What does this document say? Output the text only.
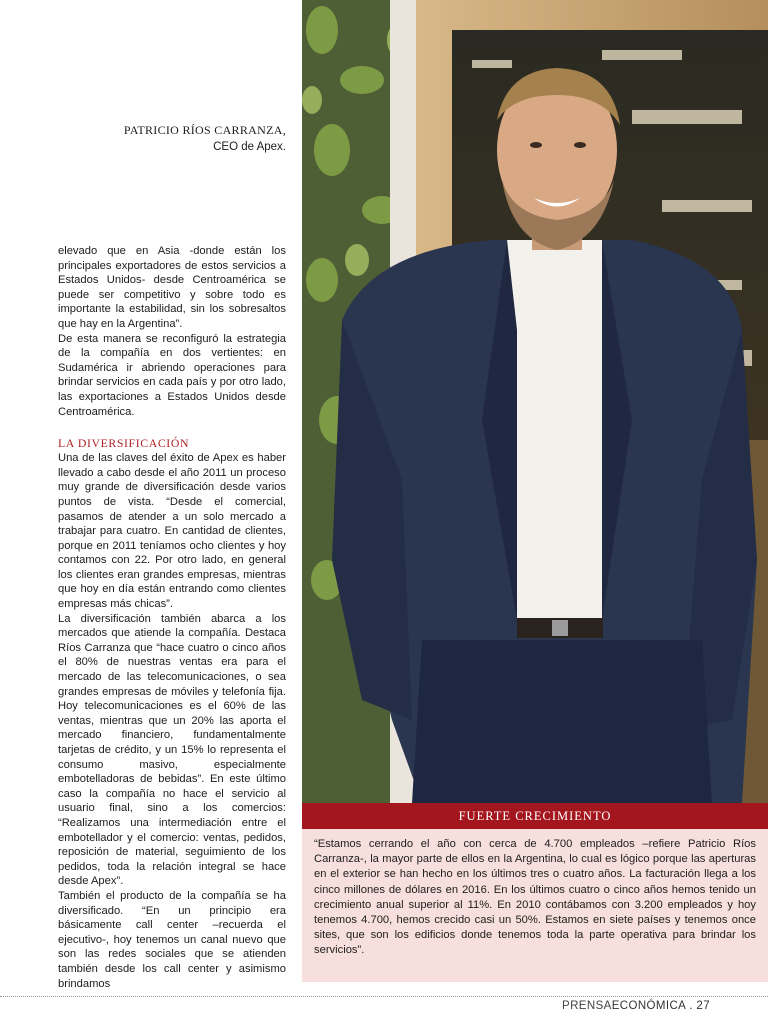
PATRICIO RÍOS CARRANZA,
CEO de Apex.

elevado que en Asia -donde están los principales exportadores de estos servicios a Estados Unidos- desde Centroamérica se puede ser competitivo y sobre todo es importante la estabilidad, sin los sobresaltos que hay en la Argentina”.

De esta manera se reconfiguró la estrategia de la compañía en dos vertientes: en Sudamérica ir abriendo operaciones para brindar servicios en cada país y por otro lado, las exportaciones a Estados Unidos desde Centroamérica.

LA DIVERSIFICACIÓN

Una de las claves del éxito de Apex es haber llevado a cabo desde el año 2011 un proceso muy grande de diversificación desde varios puntos de vista. “Desde el comercial, pasamos de atender a un solo mercado a trabajar para cuatro. En cantidad de clientes, porque en 2011 teníamos ocho clientes y hoy contamos con 22. Por otro lado, en general los clientes eran grandes empresas, mientras que hoy en día están entrando como clientes empresas más chicas”.

La diversificación también abarca a los mercados que atiende la compañía. Destaca Ríos Carranza que “hace cuatro o cinco años el 80% de nuestras ventas era para el mercado de las telecomunicaciones, o sea grandes empresas de móviles y telefonía fija. Hoy telecomunicaciones es el 60% de las ventas, mientras que un 20% las aporta el mercado financiero, fundamentalmente tarjetas de crédito, y un 15% lo representa el consumo masivo, especialmente embotelladoras de bebidas”. En este último caso la compañía no hace el servicio al usuario final, sino a los comercios: “Realizamos una intermediación entre el embotellador y el comercio: ventas, pedidos, reposición de material, seguimiento de los pedidos, toda la relación integral se hace desde Apex”.

También el producto de la compañía se ha diversificado. “En un principio era básicamente call center –recuerda el ejecutivo-, hoy tenemos un canal nuevo que son las redes sociales que se atienden también desde los call center y asimismo brindamos

FUERTE CRECIMIENTO
“Estamos cerrando el año con cerca de 4.700 empleados –refiere Patricio Ríos Carranza-, la mayor parte de ellos en la Argentina, lo cual es lógico porque las aperturas en el exterior se han hecho en los últimos tres o cuatro años. La facturación llega a los cinco millones de dólares en 2016. En los últimos cuatro o cinco años hemos tenido un crecimiento anual superior al 11%. En 2010 contábamos con 3.200 empleados y hoy tenemos 4.700, hemos crecido casi un 50%. Estamos en siete países y tenemos once sites, que son los edificios donde tenemos toda la parte operativa para brindar los servicios”.
PRENSAECONÓMICA . 27
